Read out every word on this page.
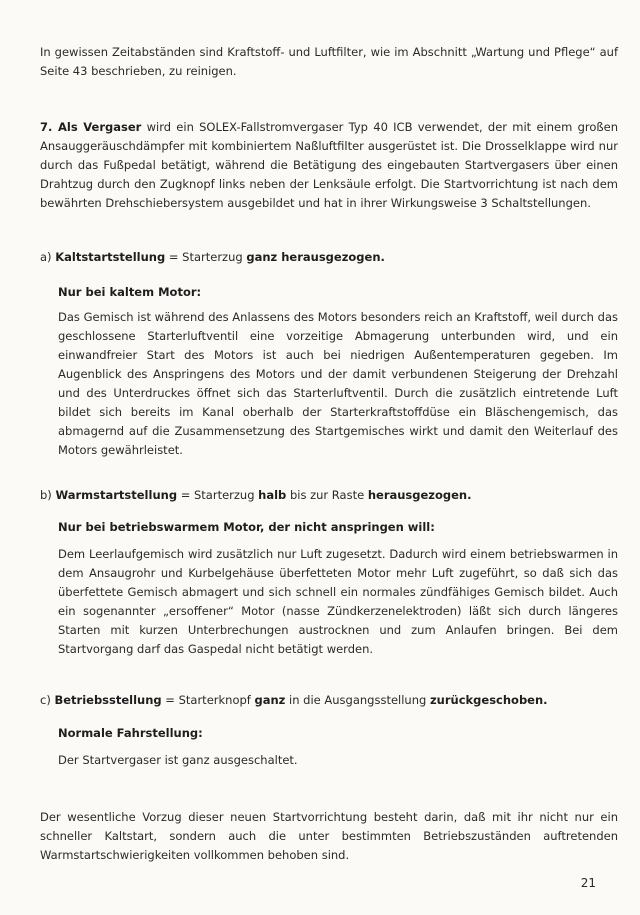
In gewissen Zeitabständen sind Kraftstoff- und Luftfilter, wie im Abschnitt „Wartung und Pflege“ auf Seite 43 beschrieben, zu reinigen.

7. Als Vergaser wird ein SOLEX-Fallstromvergaser Typ 40 ICB verwendet, der mit einem großen Ansauggeräuschdämpfer mit kombiniertem Naßluftfilter ausgerüstet ist. Die Drosselklappe wird nur durch das Fußpedal betätigt, während die Betätigung des eingebauten Startvergasers über einen Drahtzug durch den Zugknopf links neben der Lenksäule erfolgt. Die Startvorrichtung ist nach dem bewährten Drehschiebersystem ausgebildet und hat in ihrer Wirkungsweise 3 Schaltstellungen.

a) Kaltstartstellung = Starterzug ganz herausgezogen.

Nur bei kaltem Motor:

Das Gemisch ist während des Anlassens des Motors besonders reich an Kraftstoff, weil durch das geschlossene Starterluftventil eine vorzeitige Abmagerung unterbunden wird, und ein einwandfreier Start des Motors ist auch bei niedrigen Außentemperaturen gegeben. Im Augenblick des Anspringens des Motors und der damit verbundenen Steigerung der Drehzahl und des Unterdruckes öffnet sich das Starterluftventil. Durch die zusätzlich eintretende Luft bildet sich bereits im Kanal oberhalb der Starterkraftstoffdüse ein Bläschengemisch, das abmagernd auf die Zusammensetzung des Startgemisches wirkt und damit den Weiterlauf des Motors gewährleistet.

b) Warmstartstellung = Starterzug halb bis zur Raste herausgezogen.

Nur bei betriebswarmem Motor, der nicht anspringen will:

Dem Leerlaufgemisch wird zusätzlich nur Luft zugesetzt. Dadurch wird einem betriebswarmen in dem Ansaugrohr und Kurbelgehäuse überfetteten Motor mehr Luft zugeführt, so daß sich das überfettete Gemisch abmagert und sich schnell ein normales zündfähiges Gemisch bildet. Auch ein sogenannter „ersoffener“ Motor (nasse Zündkerzenelektroden) läßt sich durch längeres Starten mit kurzen Unterbrechungen austrocknen und zum Anlaufen bringen. Bei dem Startvorgang darf das Gaspedal nicht betätigt werden.

c) Betriebsstellung = Starterknopf ganz in die Ausgangsstellung zurückgeschoben.

Normale Fahrstellung:

Der Startvergaser ist ganz ausgeschaltet.

Der wesentliche Vorzug dieser neuen Startvorrichtung besteht darin, daß mit ihr nicht nur ein schneller Kaltstart, sondern auch die unter bestimmten Betriebszuständen auftretenden Warmstartschwierigkeiten vollkommen behoben sind.

21
